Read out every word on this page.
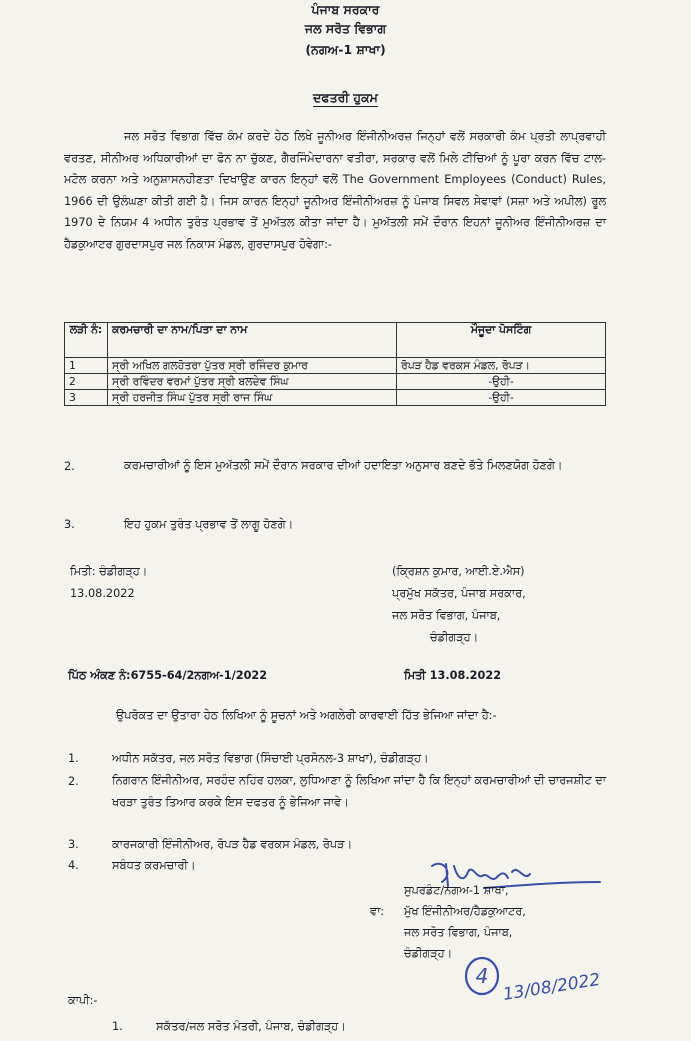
ਪੰਜਾਬ ਸਰਕਾਰ
ਜਲ ਸਰੋਤ ਵਿਭਾਗ
(ਨਗਅ-1 ਸ਼ਾਖਾ)
ਦਫਤਰੀ ਹੁਕਮ
ਜਲ ਸਰੋਤ ਵਿਭਾਗ ਵਿੱਚ ਕੰਮ ਕਰਦੇ ਹੇਠ ਲਿਖੇ ਜੂਨੀਅਰ ਇੰਜੀਨੀਅਰਜ਼ ਜਿਨ੍ਹਾਂ ਵਲੋਂ ਸਰਕਾਰੀ ਕੰਮ ਪ੍ਰਤੀ ਲਾਪ੍ਰਵਾਹੀ ਵਰਤਣ, ਸੀਨੀਅਰ ਅਧਿਕਾਰੀਆਂ ਦਾ ਫੋਨ ਨਾ ਚੁੱਕਣ, ਗੈਰਜਿੰਮੇਦਾਰਨਾ ਵਤੀਰਾ, ਸਰਕਾਰ ਵਲੋਂ ਮਿਲੇ ਟੀਚਿਆਂ ਨੂੰ ਪੂਰਾ ਕਰਨ ਵਿੱਚ ਟਾਲ-ਮਟੋਲ ਕਰਨਾ ਅਤੇ ਅਨੁਸ਼ਾਸਨਹੀਣਤਾ ਦਿਖਾਉਣ ਕਾਰਨ ਇਨ੍ਹਾਂ ਵਲੋਂ The Government Employees (Conduct) Rules, 1966 ਦੀ ਉਲੰਘਣਾ ਕੀਤੀ ਗਈ ਹੈ। ਜਿਸ ਕਾਰਨ ਇਨ੍ਹਾਂ ਜੂਨੀਅਰ ਇੰਜੀਨੀਅਰਜ਼ ਨੂੰ ਪੰਜਾਬ ਸਿਵਲ ਸੇਵਾਵਾਂ (ਸਜ਼ਾ ਅਤੇ ਅਪੀਲ) ਰੂਲ 1970 ਦੇ ਨਿਯਮ 4 ਅਧੀਨ ਤੁਰੰਤ ਪ੍ਰਭਾਵ ਤੋਂ ਮੁਅੱਤਲ ਕੀਤਾ ਜਾਂਦਾ ਹੈ। ਮੁਅੱਤਲੀ ਸਮੇਂ ਦੌਰਾਨ ਇਹਨਾਂ ਜੂਨੀਅਰ ਇੰਜੀਨੀਅਰਜ਼ ਦਾ ਹੈਡਕੁਆਟਰ ਗੁਰਦਾਸਪੁਰ ਜਲ ਨਿਕਾਸ ਮੰਡਲ, ਗੁਰਦਾਸਪੁਰ ਹੋਵੇਗਾ:-
ਲੜੀ ਨੰ:	ਕਰਮਚਾਰੀ ਦਾ ਨਾਮ/ਪਿਤਾ ਦਾ ਨਾਮ	ਮੌਜੂਦਾ ਪੋਸਟਿੰਗ
1	ਸ੍ਰੀ ਅਖਿਲ ਗਲਹੋਤਰਾ ਪੁੱਤਰ ਸ੍ਰੀ ਰਜਿੰਦਰ ਕੁਮਾਰ	ਰੋਪੜ ਹੈਡ ਵਰਕਸ ਮੰਡਲ, ਰੋਪੜ।
2	ਸ੍ਰੀ ਰਵਿੰਦਰ ਵਰਮਾਂ ਪੁੱਤਰ ਸ੍ਰੀ ਬਲਦੇਵ ਸਿੰਘ	-ਉਹੀ-
3	ਸ੍ਰੀ ਹਰਜੀਤ ਸਿੰਘ ਪੁੱਤਰ ਸ੍ਰੀ ਰਾਜ ਸਿੰਘ	-ਉਹੀ-
2.	ਕਰਮਚਾਰੀਆਂ ਨੂੰ ਇਸ ਮੁਅੱਤਲੀ ਸਮੇਂ ਦੌਰਾਨ ਸਰਕਾਰ ਦੀਆਂ ਹਦਾਇਤਾ ਅਨੁਸਾਰ ਬਣਦੇ ਭੱਤੇ ਮਿਲਣਯੋਗ ਹੋਣਗੇ।
3.	ਇਹ ਹੁਕਮ ਤੁਰੰਤ ਪ੍ਰਭਾਵ ਤੋਂ ਲਾਗੂ ਹੋਣਗੇ।
ਮਿਤੀ: ਚੰਡੀਗੜ੍ਹ।
13.08.2022
(ਕ੍ਰਿਸ਼ਨ ਕੁਮਾਰ, ਆਈ.ਏ.ਐਸ)
ਪ੍ਰਮੁੱਖ ਸਕੱਤਰ, ਪੰਜਾਬ ਸਰਕਾਰ,
ਜਲ ਸਰੋਤ ਵਿਭਾਗ, ਪੰਜਾਬ,
ਚੰਡੀਗੜ੍ਹ।
ਪਿੱਠ ਅੰਕਣ ਨੰ:6755-64/2ਨਗਅ-1/2022	ਮਿਤੀ 13.08.2022
ਉਪਰੋਕਤ ਦਾ ਉਤਾਰਾ ਹੇਠ ਲਿਖਿਆ ਨੂੰ ਸੂਚਨਾਂ ਅਤੇ ਅਗਲੇਰੀ ਕਾਰਵਾਈ ਹਿੱਤ ਭੇਜਿਆ ਜਾਂਦਾ ਹੈ:-
1.	ਅਧੀਨ ਸਕੱਤਰ, ਜਲ ਸਰੋਤ ਵਿਭਾਗ (ਸਿੰਚਾਈ ਪ੍ਰਸੋਨਲ-3 ਸ਼ਾਖਾ), ਚੰਡੀਗੜ੍ਹ।
2.	ਨਿਗਰਾਨ ਇੰਜੀਨੀਅਰ, ਸਰਹੰਦ ਨਹਿਰ ਹਲਕਾ, ਲੁਧਿਆਣਾ ਨੂੰ ਲਿਖਿਆ ਜਾਂਦਾ ਹੈ ਕਿ ਇਨ੍ਹਾਂ ਕਰਮਚਾਰੀਆਂ ਦੀ ਚਾਰਜਸ਼ੀਟ ਦਾ ਖਰੜਾ ਤੁਰੰਤ ਤਿਆਰ ਕਰਕੇ ਇਸ ਦਫਤਰ ਨੂੰ ਭੇਜਿਆ ਜਾਵੇ।
3.	ਕਾਰਜਕਾਰੀ ਇੰਜੀਨੀਅਰ, ਰੋਪੜ ਹੈਡ ਵਰਕਸ ਮੰਡਲ, ਰੋਪੜ।
4.	ਸਬੰਧਤ ਕਰਮਚਾਰੀ।
ਸੁਪਰਡੰਟ/ਨਗਅ-1 ਸ਼ਾਖਾ,
ਵਾ: ਮੁੱਖ ਇੰਜੀਨੀਅਰ/ਹੈਡਕੁਆਟਰ,
ਜਲ ਸਰੋਤ ਵਿਭਾਗ, ਪੰਜਾਬ,
ਚੰਡੀਗੜ੍ਹ।
4 13/08/2022
ਕਾਪੀ:-
1.	ਸਕੱਤਰ/ਜਲ ਸਰੋਤ ਮੰਤਰੀ, ਪੰਜਾਬ, ਚੰਡੀਗੜ੍ਹ।
